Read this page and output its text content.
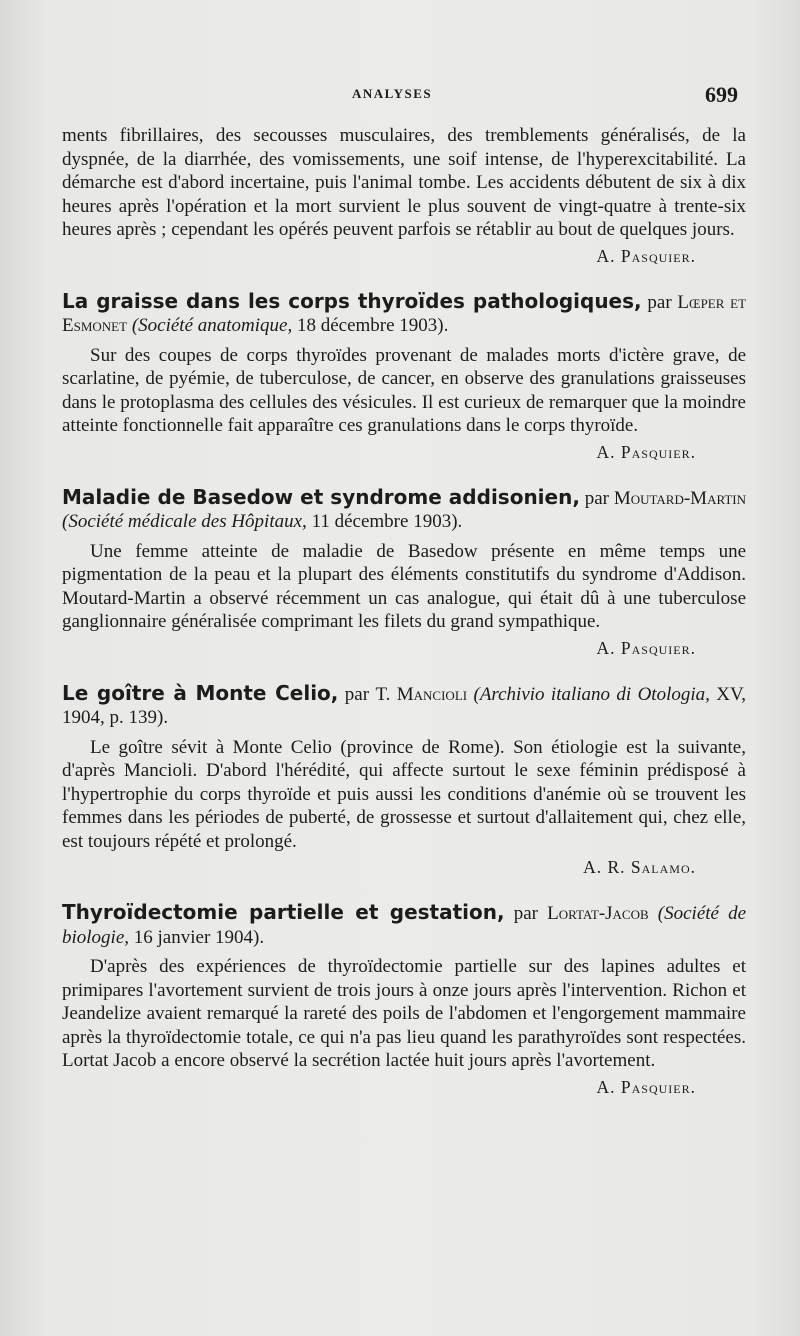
ANALYSES	699

ments fibrillaires, des secousses musculaires, des tremblements généralisés, de la dyspnée, de la diarrhée, des vomissements, une soif intense, de l'hyperexcitabilité. La démarche est d'abord incertaine, puis l'animal tombe. Les accidents débutent de six à dix heures après l'opération et la mort survient le plus souvent de vingt-quatre à trente-six heures après ; cependant les opérés peuvent parfois se rétablir au bout de quelques jours.

A. Pasquier.
La graisse dans les corps thyroïdes pathologiques, par Lœper et Esmonet (Société anatomique, 18 décembre 1903).

Sur des coupes de corps thyroïdes provenant de malades morts d'ictère grave, de scarlatine, de pyémie, de tuberculose, de cancer, en observe des granulations graisseuses dans le protoplasma des cellules des vésicules. Il est curieux de remarquer que la moindre atteinte fonctionnelle fait apparaître ces granulations dans le corps thyroïde.

A. Pasquier.
Maladie de Basedow et syndrome addisonien, par Moutard-Martin (Société médicale des Hôpitaux, 11 décembre 1903).

Une femme atteinte de maladie de Basedow présente en même temps une pigmentation de la peau et la plupart des éléments constitutifs du syndrome d'Addison. Moutard-Martin a observé récemment un cas analogue, qui était dû à une tuberculose ganglionnaire généralisée comprimant les filets du grand sympathique.

A. Pasquier.
Le goître à Monte Celio, par T. Mancioli (Archivio italiano di Otologia, XV, 1904, p. 139).

Le goître sévit à Monte Celio (province de Rome). Son étiologie est la suivante, d'après Mancioli. D'abord l'hérédité, qui affecte surtout le sexe féminin prédisposé à l'hypertrophie du corps thyroïde et puis aussi les conditions d'anémie où se trouvent les femmes dans les périodes de puberté, de grossesse et surtout d'allaitement qui, chez elle, est toujours répété et prolongé.

A. R. Salamo.
Thyroïdectomie partielle et gestation, par Lortat-Jacob (Société de biologie, 16 janvier 1904).

D'après des expériences de thyroïdectomie partielle sur des lapines adultes et primipares l'avortement survient de trois jours à onze jours après l'intervention. Richon et Jeandelize avaient remarqué la rareté des poils de l'abdomen et l'engorgement mammaire après la thyroïdectomie totale, ce qui n'a pas lieu quand les parathyroïdes sont respectées. Lortat Jacob a encore observé la secrétion lactée huit jours après l'avortement.

A. Pasquier.
